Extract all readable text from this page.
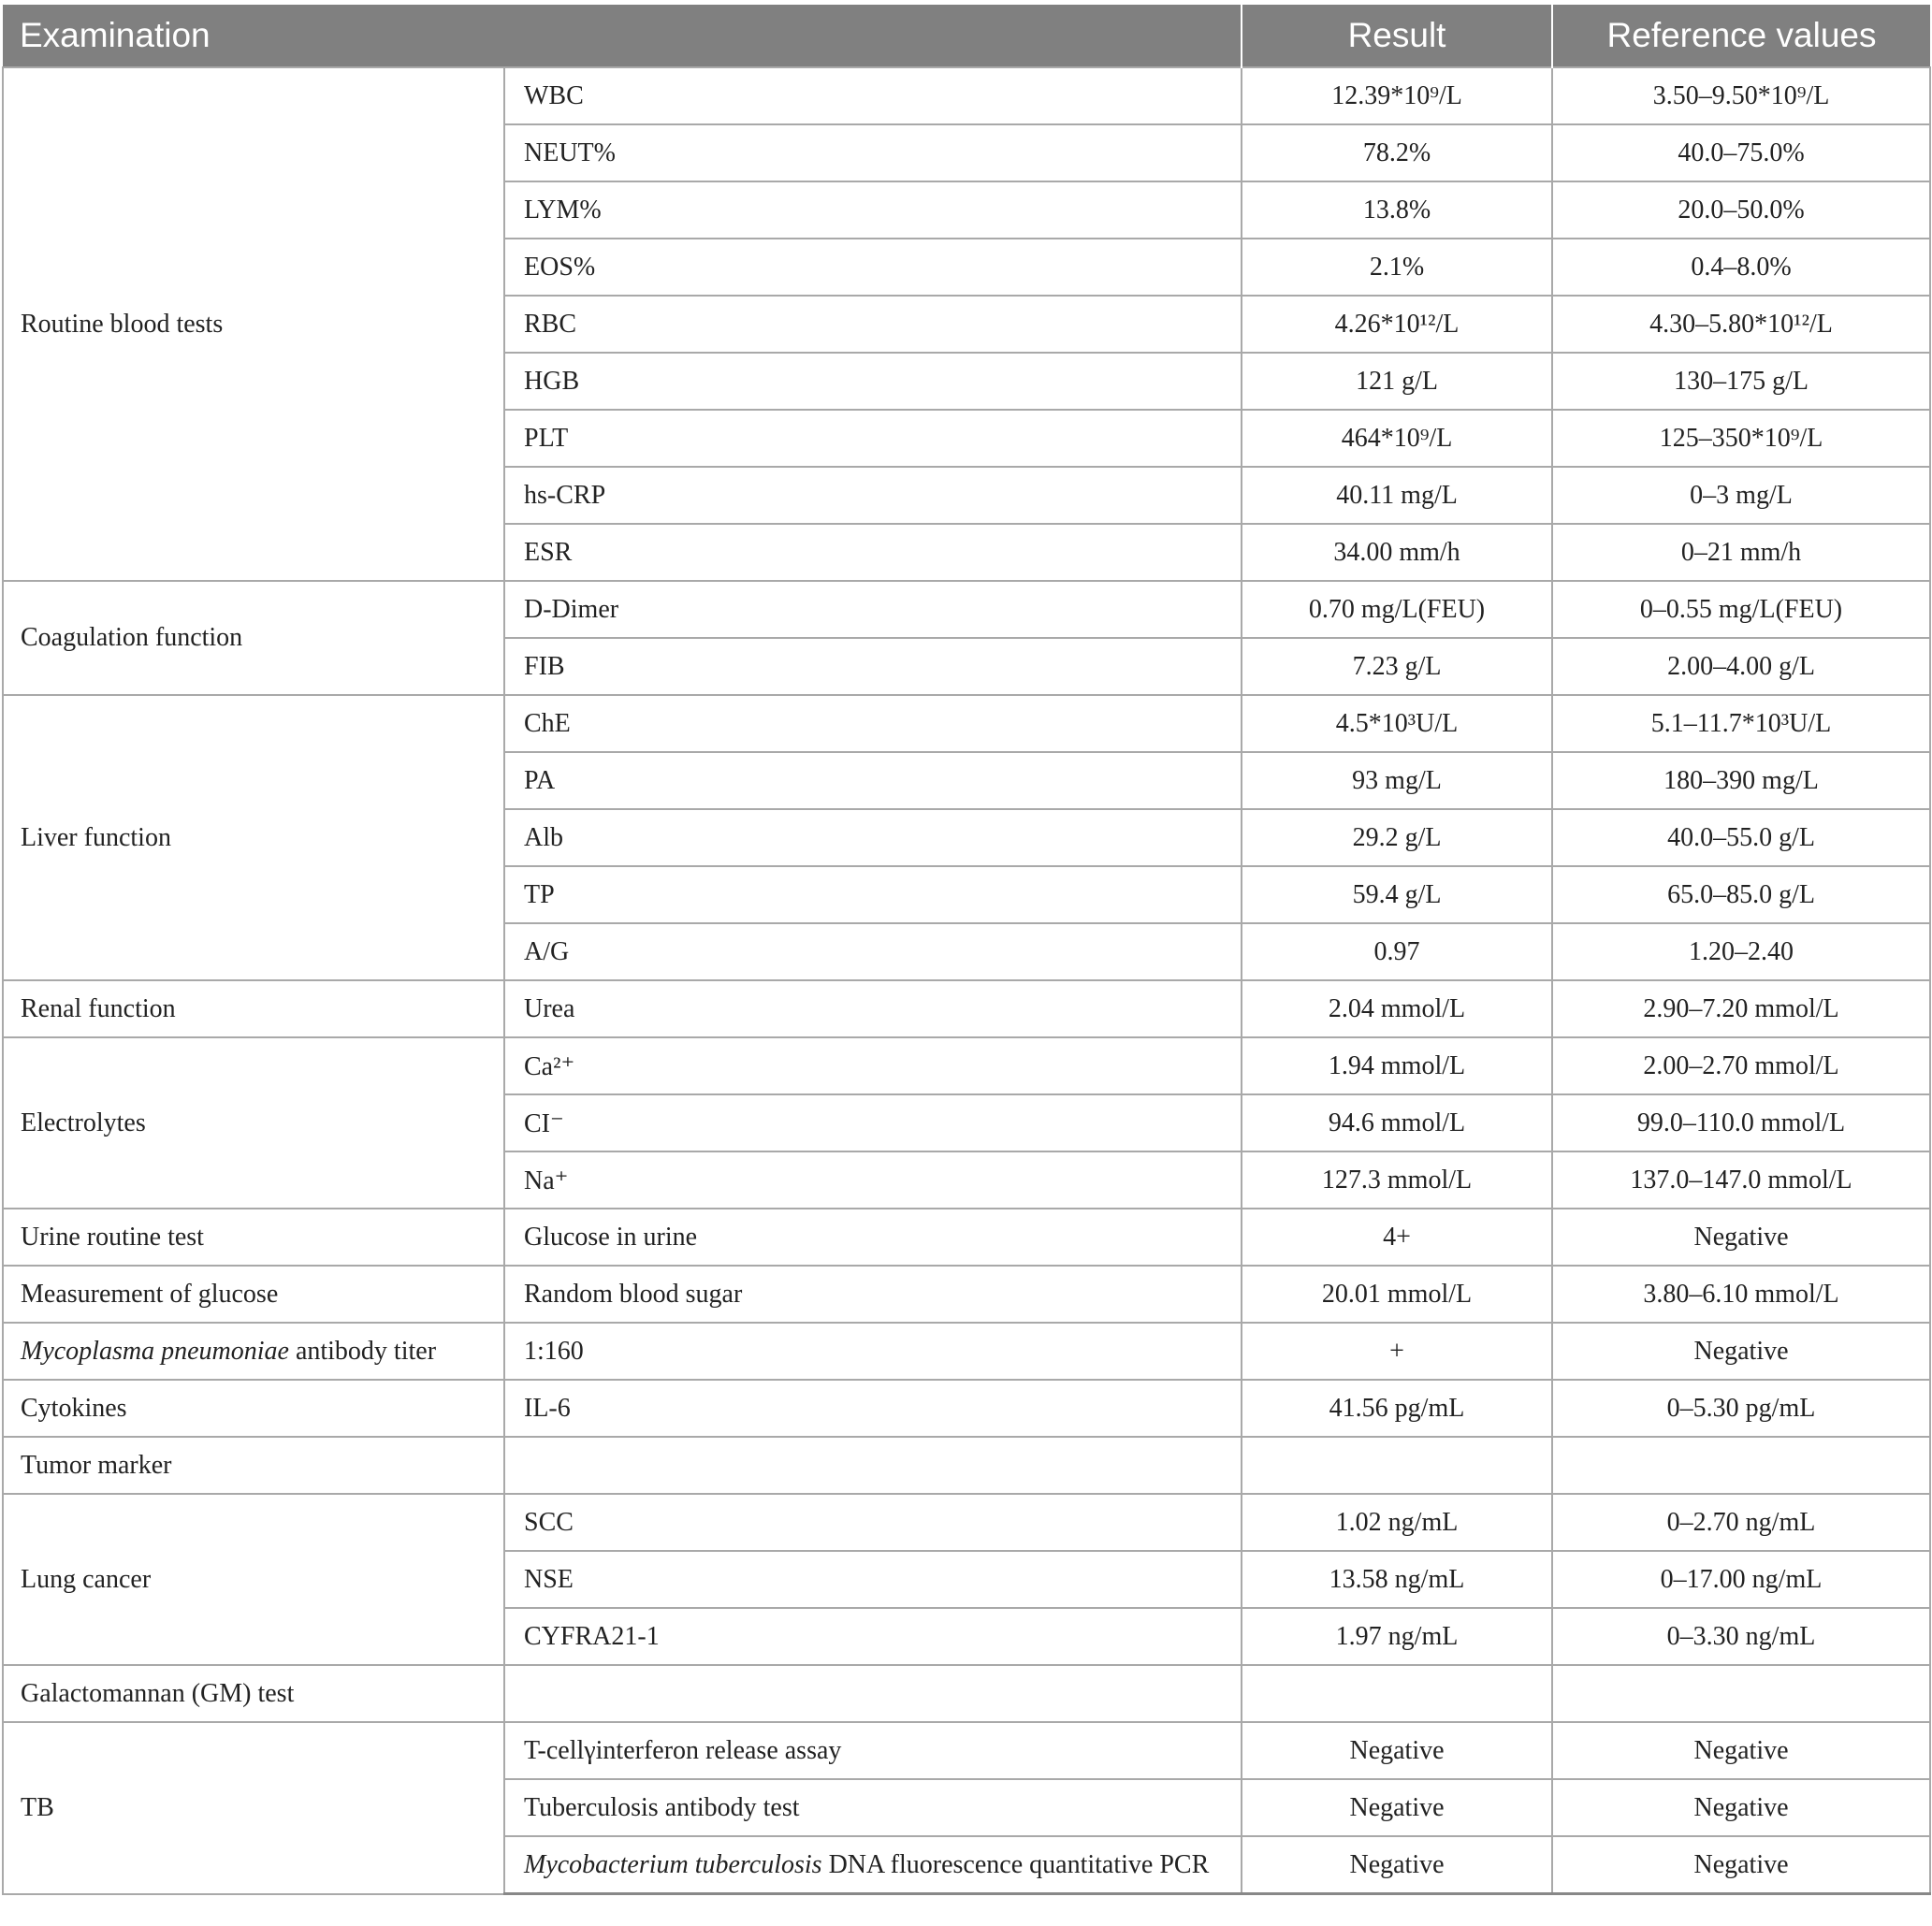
Examination		Result	Reference values
Routine blood tests	WBC	12.39*10⁹/L	3.50–9.50*10⁹/L
	NEUT%	78.2%	40.0–75.0%
	LYM%	13.8%	20.0–50.0%
	EOS%	2.1%	0.4–8.0%
	RBC	4.26*10¹²/L	4.30–5.80*10¹²/L
	HGB	121 g/L	130–175 g/L
	PLT	464*10⁹/L	125–350*10⁹/L
	hs-CRP	40.11 mg/L	0–3 mg/L
	ESR	34.00 mm/h	0–21 mm/h
Coagulation function	D-Dimer	0.70 mg/L(FEU)	0–0.55 mg/L(FEU)
	FIB	7.23 g/L	2.00–4.00 g/L
Liver function	ChE	4.5*10³U/L	5.1–11.7*10³U/L
	PA	93 mg/L	180–390 mg/L
	Alb	29.2 g/L	40.0–55.0 g/L
	TP	59.4 g/L	65.0–85.0 g/L
	A/G	0.97	1.20–2.40
Renal function	Urea	2.04 mmol/L	2.90–7.20 mmol/L
Electrolytes	Ca²⁺	1.94 mmol/L	2.00–2.70 mmol/L
	CI⁻	94.6 mmol/L	99.0–110.0 mmol/L
	Na⁺	127.3 mmol/L	137.0–147.0 mmol/L
Urine routine test	Glucose in urine	4+	Negative
Measurement of glucose	Random blood sugar	20.01 mmol/L	3.80–6.10 mmol/L
Mycoplasma pneumoniae antibody titer	1:160	+	Negative
Cytokines	IL-6	41.56 pg/mL	0–5.30 pg/mL
Tumor marker			
Lung cancer	SCC	1.02 ng/mL	0–2.70 ng/mL
	NSE	13.58 ng/mL	0–17.00 ng/mL
	CYFRA21-1	1.97 ng/mL	0–3.30 ng/mL
Galactomannan (GM) test			
TB	T-cellγinterferon release assay	Negative	Negative
	Tuberculosis antibody test	Negative	Negative
	Mycobacterium tuberculosis DNA fluorescence quantitative PCR	Negative	Negative
